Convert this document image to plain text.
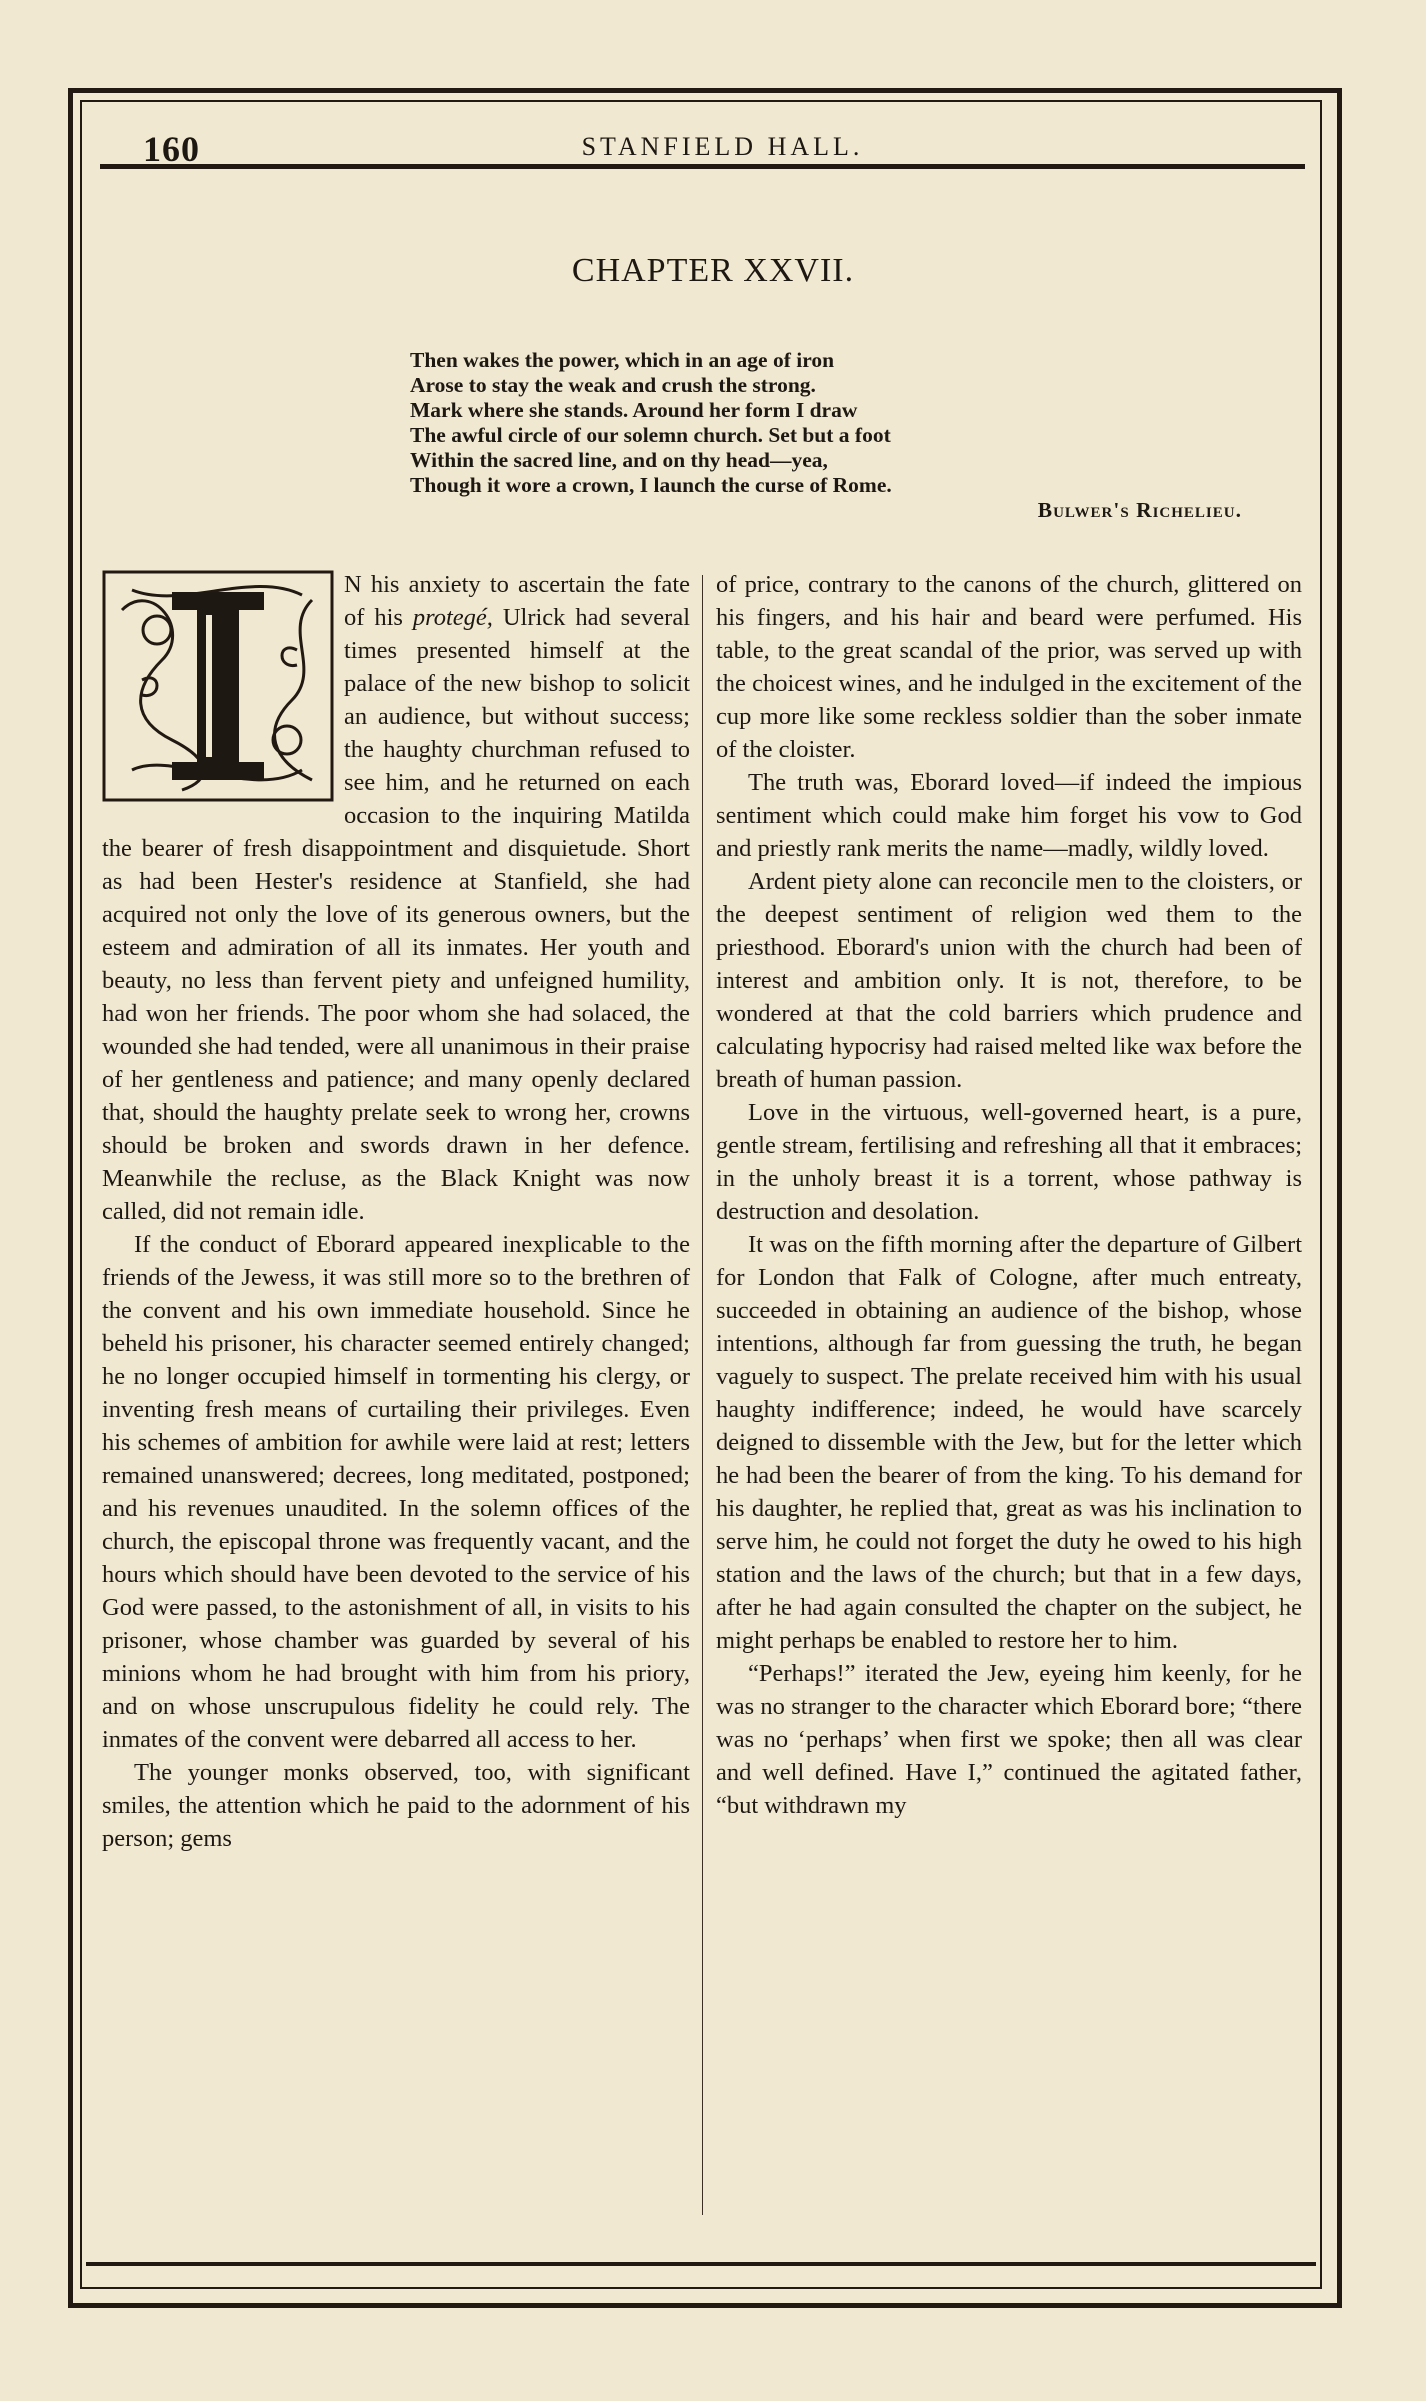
160	STANFIELD HALL.
CHAPTER XXVII.
Then wakes the power, which in an age of iron
Arose to stay the weak and crush the strong.
Mark where she stands. Around her form I draw
The awful circle of our solemn church. Set but a foot
Within the sacred line, and on thy head—yea,
Though it wore a crown, I launch the curse of Rome.
Bulwer's Richelieu.

N his anxiety to ascertain the fate of his protegé, Ulrick had several times presented himself at the palace of the new bishop to solicit an audience, but without success; the haughty churchman refused to see him, and he returned on each occasion to the inquiring Matilda the bearer of fresh disappointment and disquietude. Short as had been Hester's residence at Stanfield, she had acquired not only the love of its generous owners, but the esteem and admiration of all its inmates. Her youth and beauty, no less than fervent piety and unfeigned humility, had won her friends. The poor whom she had solaced, the wounded she had tended, were all unanimous in their praise of her gentleness and patience; and many openly declared that, should the haughty prelate seek to wrong her, crowns should be broken and swords drawn in her defence. Meanwhile the recluse, as the Black Knight was now called, did not remain idle.

If the conduct of Eborard appeared inexplicable to the friends of the Jewess, it was still more so to the brethren of the convent and his own immediate household. Since he beheld his prisoner, his character seemed entirely changed; he no longer occupied himself in tormenting his clergy, or inventing fresh means of curtailing their privileges. Even his schemes of ambition for awhile were laid at rest; letters remained unanswered; decrees, long meditated, postponed; and his revenues unaudited. In the solemn offices of the church, the episcopal throne was frequently vacant, and the hours which should have been devoted to the service of his God were passed, to the astonishment of all, in visits to his prisoner, whose chamber was guarded by several of his minions whom he had brought with him from his priory, and on whose unscrupulous fidelity he could rely. The inmates of the convent were debarred all access to her.

The younger monks observed, too, with significant smiles, the attention which he paid to the adornment of his person; gems

of price, contrary to the canons of the church, glittered on his fingers, and his hair and beard were perfumed. His table, to the great scandal of the prior, was served up with the choicest wines, and he indulged in the excitement of the cup more like some reckless soldier than the sober inmate of the cloister.

The truth was, Eborard loved—if indeed the impious sentiment which could make him forget his vow to God and priestly rank merits the name—madly, wildly loved.

Ardent piety alone can reconcile men to the cloisters, or the deepest sentiment of religion wed them to the priesthood. Eborard's union with the church had been of interest and ambition only. It is not, therefore, to be wondered at that the cold barriers which prudence and calculating hypocrisy had raised melted like wax before the breath of human passion.

Love in the virtuous, well-governed heart, is a pure, gentle stream, fertilising and refreshing all that it embraces; in the unholy breast it is a torrent, whose pathway is destruction and desolation.

It was on the fifth morning after the departure of Gilbert for London that Falk of Cologne, after much entreaty, succeeded in obtaining an audience of the bishop, whose intentions, although far from guessing the truth, he began vaguely to suspect. The prelate received him with his usual haughty indifference; indeed, he would have scarcely deigned to dissemble with the Jew, but for the letter which he had been the bearer of from the king. To his demand for his daughter, he replied that, great as was his inclination to serve him, he could not forget the duty he owed to his high station and the laws of the church; but that in a few days, after he had again consulted the chapter on the subject, he might perhaps be enabled to restore her to him.

“Perhaps!” iterated the Jew, eyeing him keenly, for he was no stranger to the character which Eborard bore; “there was no ‘perhaps’ when first we spoke; then all was clear and well defined. Have I,” continued the agitated father, “but withdrawn my
